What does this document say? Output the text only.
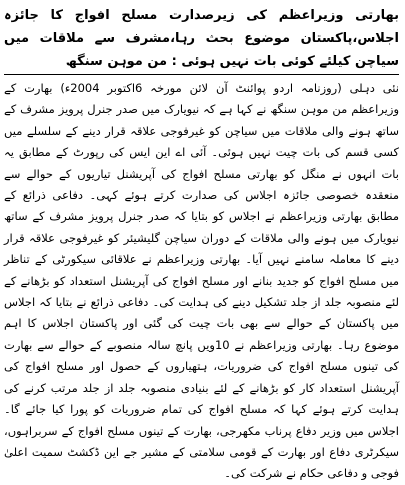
بھارتی وزیراعظم کی زیرصدارت مسلح افواج کا جائزہ اجلاس،پاکستان موضوع بحث رہا،مشرف سے ملاقات میں سیاچن کیلئے کوئی بات نہیں ہوئی : من موہن سنگھ

نئی دہلی (روزنامہ اردو پوائنٹ آن لائن مورخہ 6اکتوبر 2004ء) بھارت کے وزیراعظم من موہن سنگھ نے کہا ہے کہ نیویارک میں صدر جنرل پرویز مشرف کے ساتھ ہونے والی ملاقات میں سیاچن کو غیرفوجی علاقہ قرار دینے کے سلسلے میں کسی قسم کی بات چیت نہیں ہوئی۔ آئی اے این ایس کی رپورٹ کے مطابق یہ بات انہوں نے منگل کو بھارتی مسلح افواج کی آپریشنل تیاریوں کے حوالے سے منعقدہ خصوصی جائزہ اجلاس کی صدارت کرتے ہوئے کہی۔ دفاعی ذرائع کے مطابق بھارتی وزیراعظم نے اجلاس کو بتایا کہ صدر جنرل پرویز مشرف کے ساتھ نیویارک میں ہونے والی ملاقات کے دوران سیاچن گلیشیئر کو غیرفوجی علاقہ قرار دینے کا معاملہ سامنے نہیں آیا۔ بھارتی وزیراعظم نے علاقائی سیکورٹی کے تناظر میں مسلح افواج کو جدید بنانے اور مسلح افواج کی آپریشنل استعداد کو بڑھانے کے لئے منصوبہ جلد از جلد تشکیل دینے کی ہدایت کی۔ دفاعی ذرائع نے بتایا کہ اجلاس میں پاکستان کے حوالے سے بھی بات چیت کی گئی اور پاکستان اجلاس کا اہم موضوع رہا۔ بھارتی وزیراعظم نے 10ویں پانچ سالہ منصوبے کے حوالے سے بھارت کی تینوں مسلح افواج کی ضروریات، ہتھیاروں کے حصول اور مسلح افواج کی آپریشنل استعداد کار کو بڑھانے کے لئے بنیادی منصوبہ جلد از جلد مرتب کرنے کی ہدایت کرتے ہوئے کہا کہ مسلح افواج کی تمام ضروریات کو پورا کیا جائے گا۔ اجلاس میں وزیر دفاع پرناب مکھرجی، بھارت کے تینوں مسلح افواج کے سربراہوں، سیکرٹری دفاع اور بھارت کے قومی سلامتی کے مشیر جے این ڈکشٹ سمیت اعلیٰ فوجی و دفاعی حکام نے شرکت کی۔
